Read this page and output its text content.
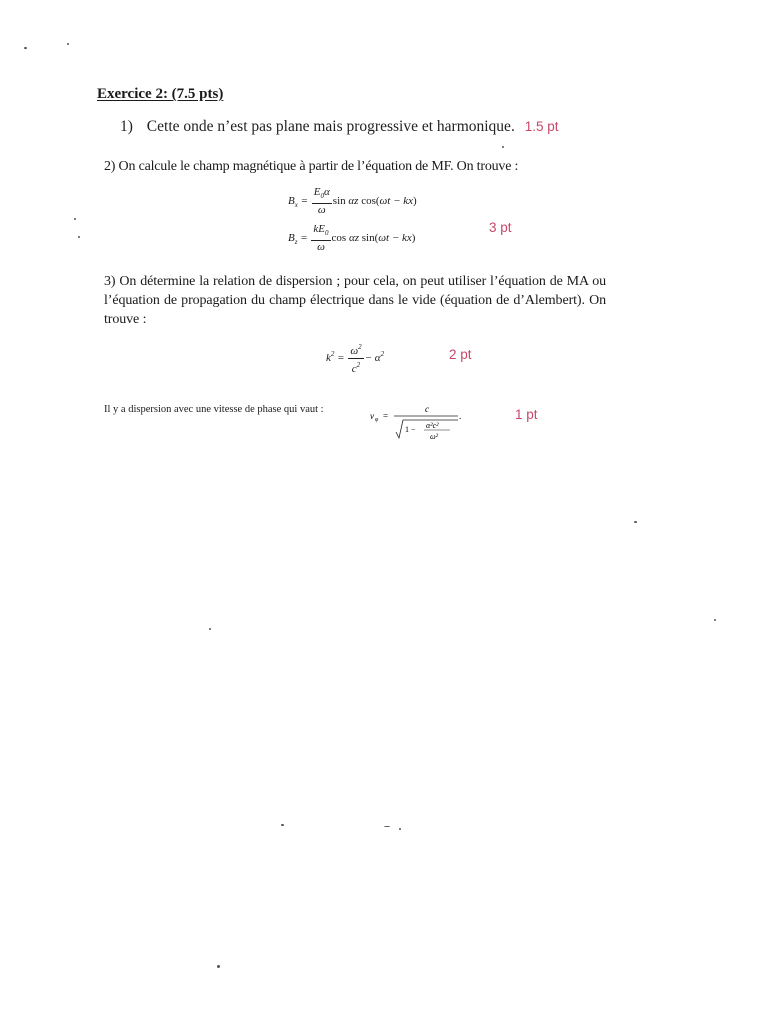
Exercice 2: (7.5 pts)
1) Cette onde n’est pas plane mais progressive et harmonique. 1.5 pt
2) On calcule le champ magnétique à partir de l’équation de MF. On trouve :
$B_x = \frac{E_0\alpha}{\omega}$ sin αz cos(ωt − kx)
$B_z = \frac{kE_0}{\omega}$ cos αz sin(ωt − kx)
3 pt
3) On détermine la relation de dispersion ; pour cela, on peut utiliser l’équation de MA ou l’équation de propagation du champ électrique dans le vide (équation de d’Alembert). On trouve :
$k^2 = \frac{\omega^2}{c^2} - \alpha^2$	2 pt
Il y a dispersion avec une vitesse de phase qui vaut :
v φ =
c
1 − α²c²
ω²
.	1 pt
